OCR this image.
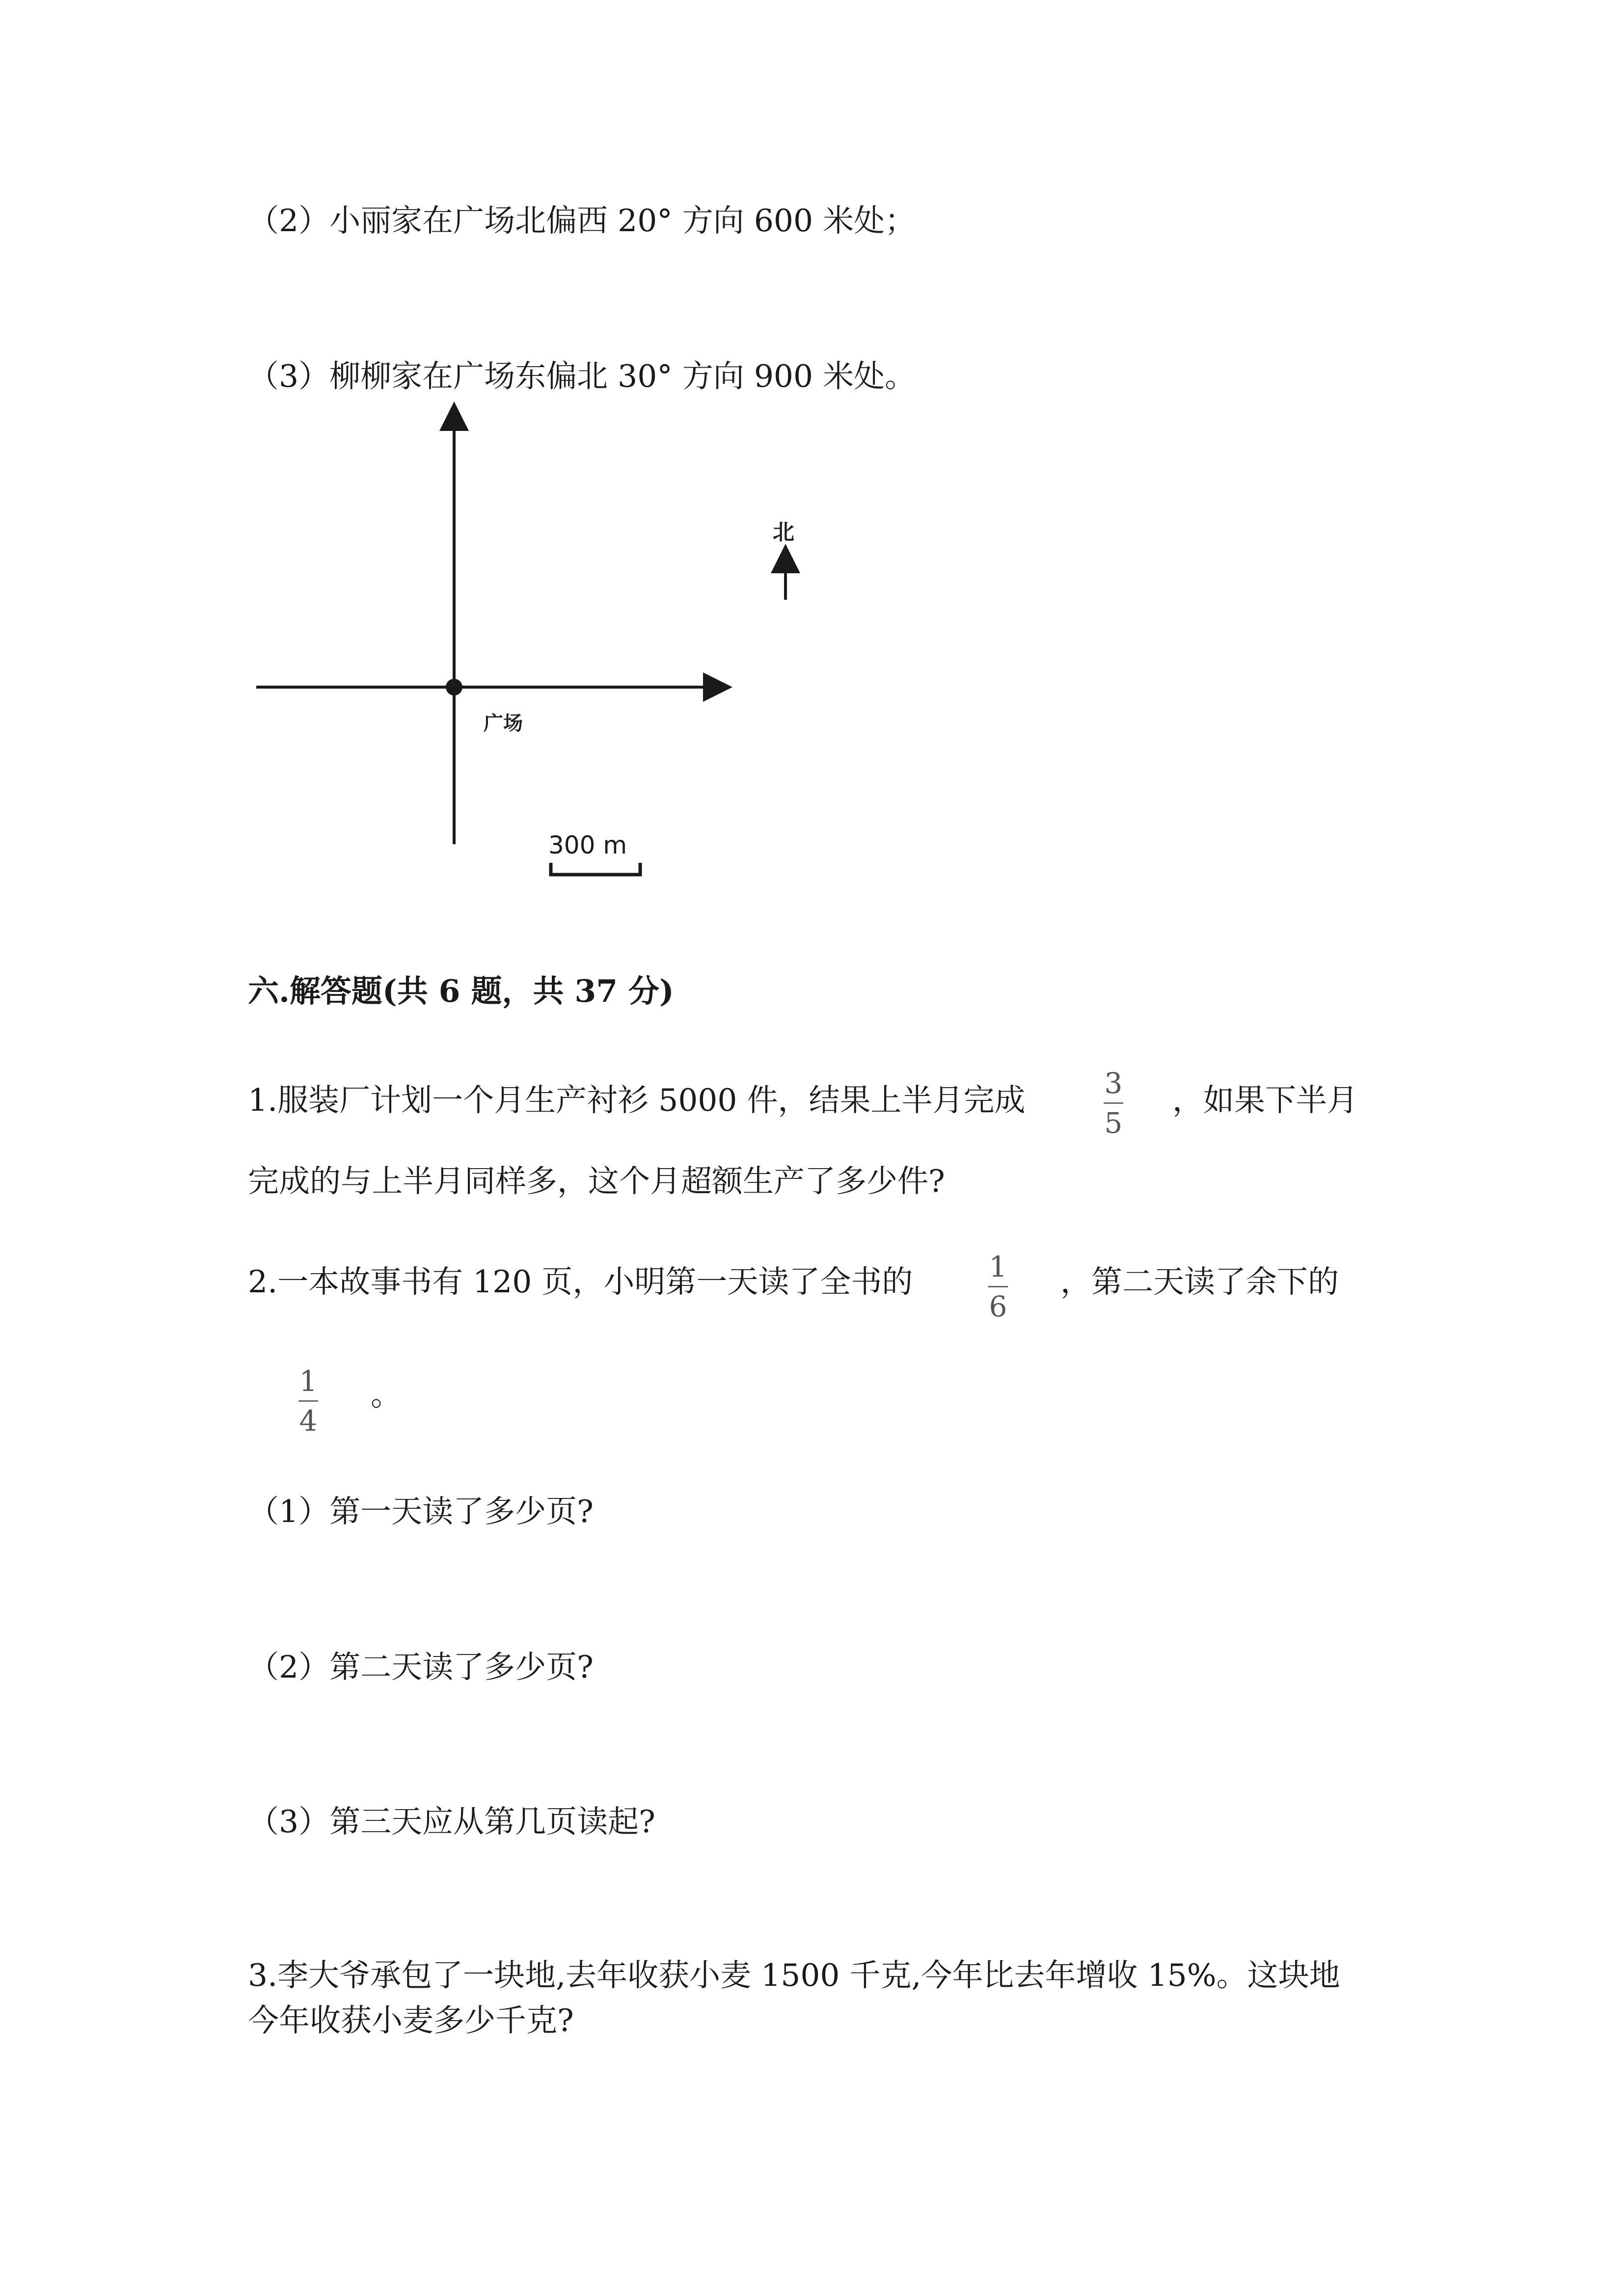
（2）小丽家在广场北偏西 20° 方向 600 米处；
（3）柳柳家在广场东偏北 30° 方向 900 米处。
北
广场
300 m
六.解答题(共 6 题，共 37 分)
1.服装厂计划一个月生产衬衫 5000 件，结果上半月完成	3
5
，如果下半月
完成的与上半月同样多，这个月超额生产了多少件?
2.一本故事书有 120 页，小明第一天读了全书的	1
6
，第二天读了余下的
1
4
。
（1）第一天读了多少页?
（2）第二天读了多少页?
（3）第三天应从第几页读起?
3.李大爷承包了一块地,去年收获小麦 1500 千克,今年比去年增收 15%。这块地
今年收获小麦多少千克?
